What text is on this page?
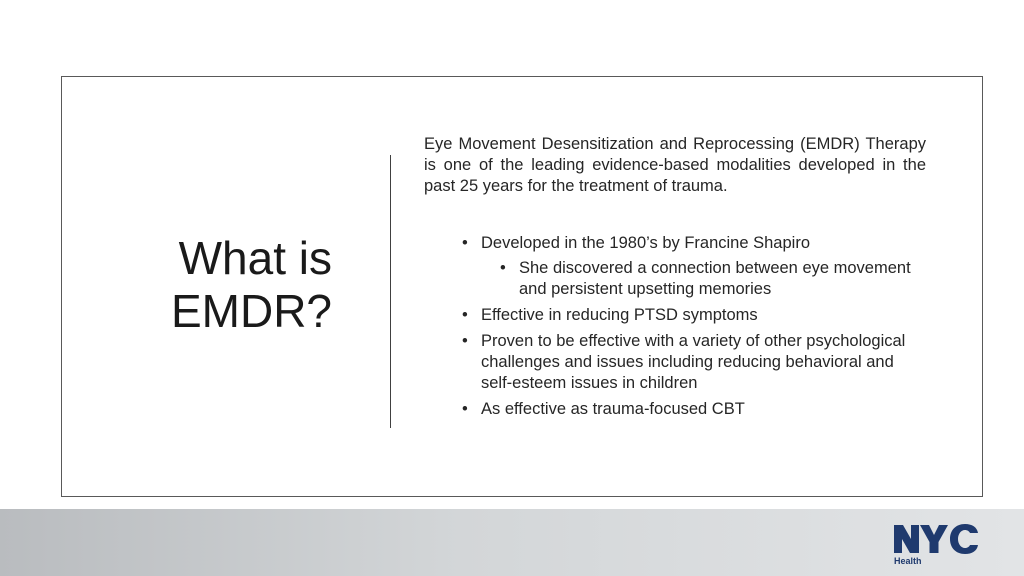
What is
EMDR?

Eye Movement Desensitization and Reprocessing (EMDR) Therapy is one of the leading evidence-based modalities developed in the past 25 years for the treatment of trauma.

• Developed in the 1980’s by Francine Shapiro
• She discovered a connection between eye movement and persistent upsetting memories
• Effective in reducing PTSD symptoms
• Proven to be effective with a variety of other psychological challenges and issues including reducing behavioral and self-esteem issues in children
• As effective as trauma-focused CBT
Health
